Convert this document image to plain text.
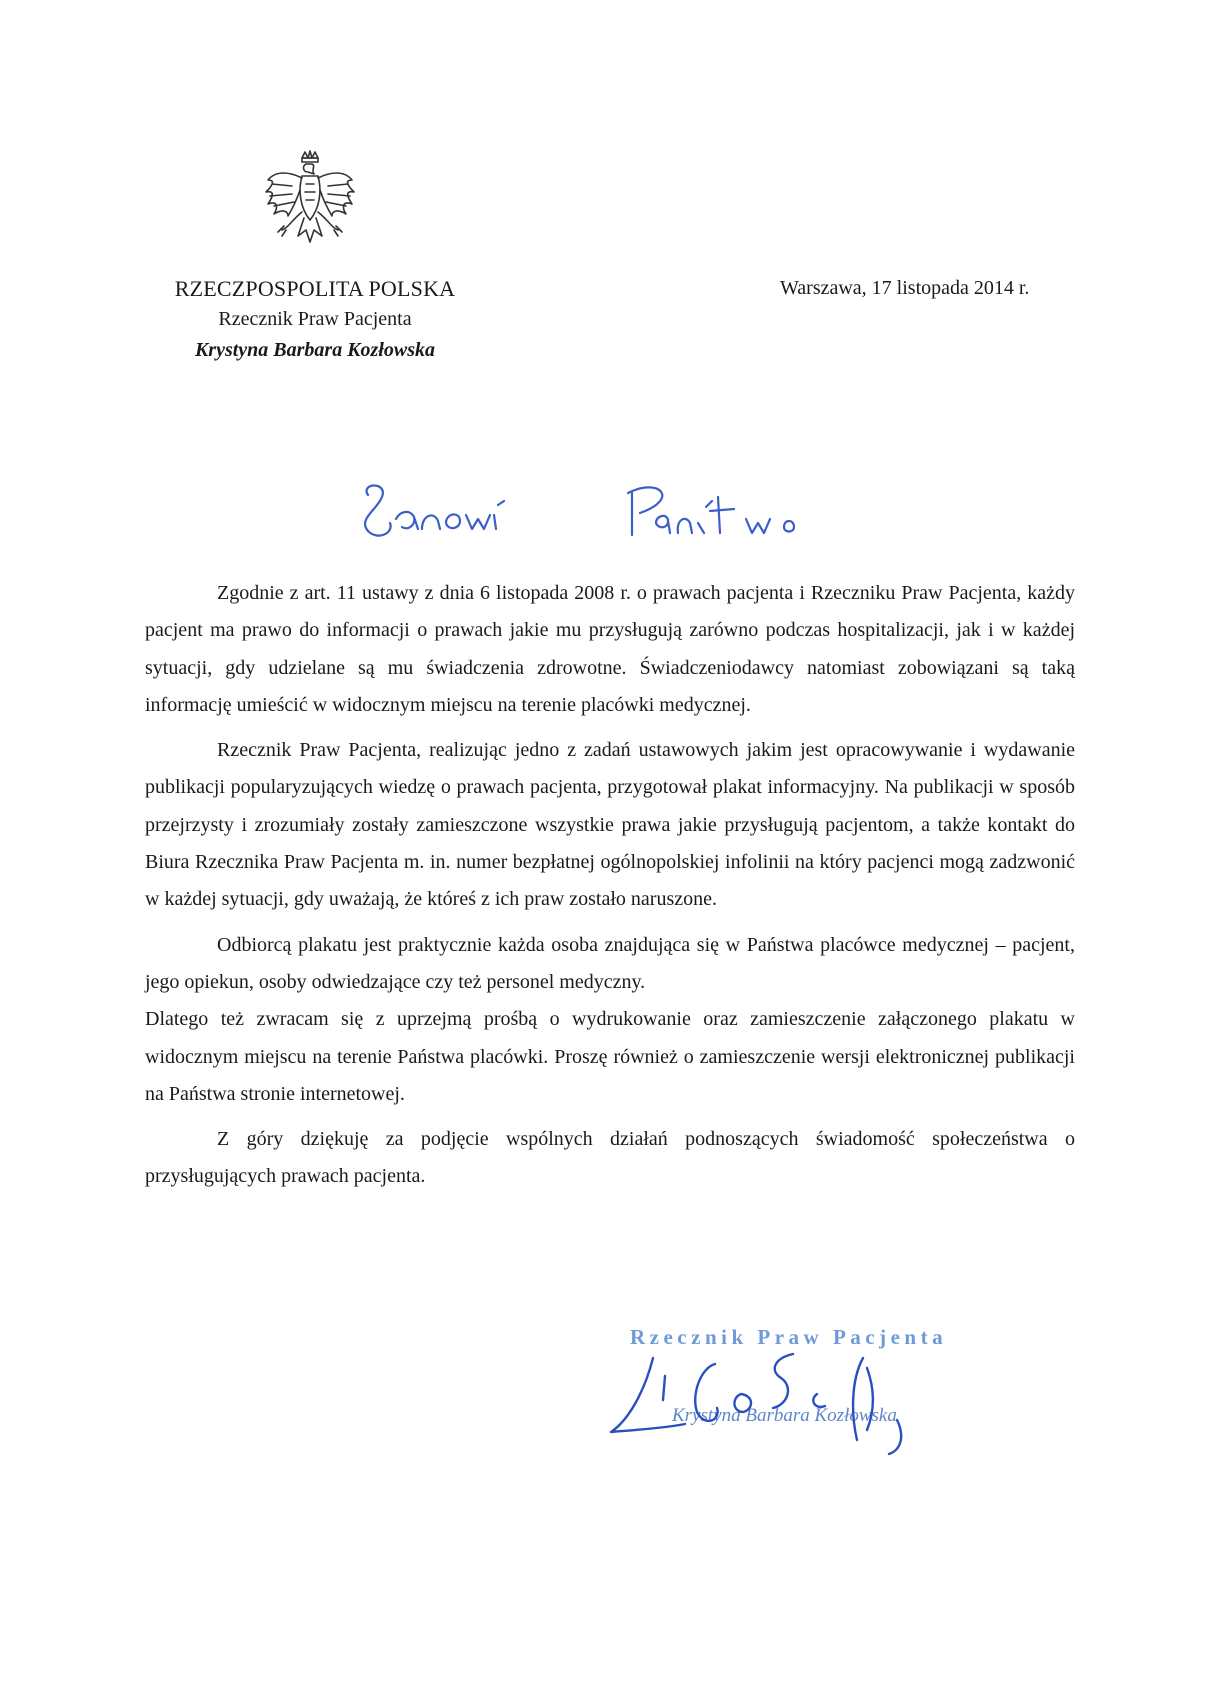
RZECZPOSPOLITA POLSKA
Rzecznik Praw Pacjenta
Krystyna Barbara Kozłowska
Warszawa, 17 listopada 2014 r.

Zgodnie z art. 11 ustawy z dnia 6 listopada 2008 r. o prawach pacjenta i Rzeczniku Praw Pacjenta, każdy pacjent ma prawo do informacji o prawach jakie mu przysługują zarówno podczas hospitalizacji, jak i w każdej sytuacji, gdy udzielane są mu świadczenia zdrowotne. Świadczeniodawcy natomiast zobowiązani są taką informację umieścić w widocznym miejscu na terenie placówki medycznej.

Rzecznik Praw Pacjenta, realizując jedno z zadań ustawowych jakim jest opracowywanie i wydawanie publikacji popularyzujących wiedzę o prawach pacjenta, przygotował plakat informacyjny. Na publikacji w sposób przejrzysty i zrozumiały zostały zamieszczone wszystkie prawa jakie przysługują pacjentom, a także kontakt do Biura Rzecznika Praw Pacjenta m. in. numer bezpłatnej ogólnopolskiej infolinii na który pacjenci mogą zadzwonić w każdej sytuacji, gdy uważają, że któreś z ich praw zostało naruszone.

Odbiorcą plakatu jest praktycznie każda osoba znajdująca się w Państwa placówce medycznej – pacjent, jego opiekun, osoby odwiedzające czy też personel medyczny.

Dlatego też zwracam się z uprzejmą prośbą o wydrukowanie oraz zamieszczenie załączonego plakatu w widocznym miejscu na terenie Państwa placówki. Proszę również o zamieszczenie wersji elektronicznej publikacji na Państwa stronie internetowej.

Z góry dziękuję za podjęcie wspólnych działań podnoszących świadomość społeczeństwa o przysługujących prawach pacjenta.

Rzecznik Praw Pacjenta
Krystyna Barbara Kozłowska
